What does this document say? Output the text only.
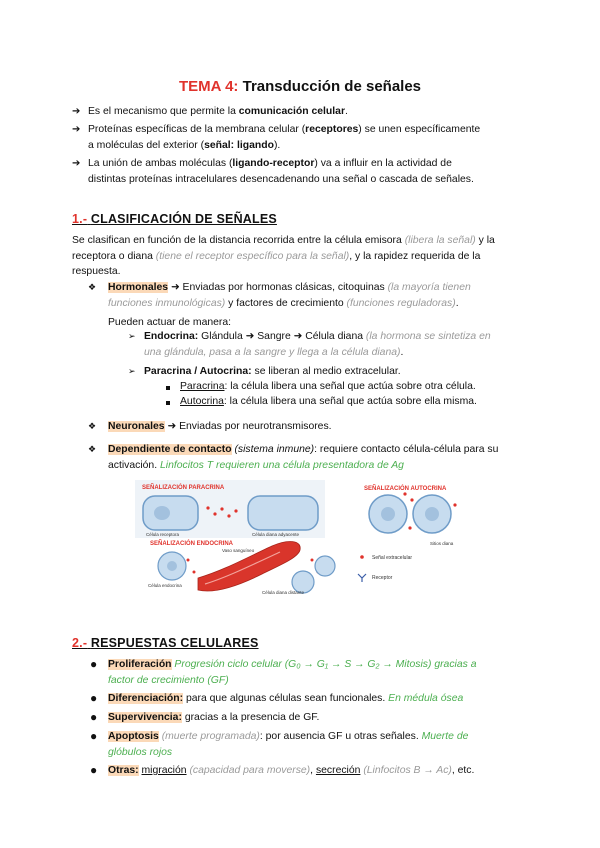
TEMA 4: Transducción de señales
➔ Es el mecanismo que permite la comunicación celular.
➔ Proteínas específicas de la membrana celular (receptores) se unen específicamente
a moléculas del exterior (señal: ligando).
➔ La unión de ambas moléculas (ligando-receptor) va a influir en la actividad de
distintas proteínas intracelulares desencadenando una señal o cascada de señales.
1.- CLASIFICACIÓN DE SEÑALES
Se clasifican en función de la distancia recorrida entre la célula emisora (libera la señal) y la
receptora o diana (tiene el receptor específico para la señal), y la rapidez requerida de la
respuesta.
❖ Hormonales ➜ Enviadas por hormonas clásicas, citoquinas (la mayoría tienen
funciones inmunológicas) y factores de crecimiento (funciones reguladoras).
Pueden actuar de manera:
➢ Endocrina: Glándula ➜ Sangre ➜ Célula diana (la hormona se sintetiza en
una glándula, pasa a la sangre y llega a la célula diana).
➢ Paracrina / Autocrina: se liberan al medio extracelular.
Paracrina: la célula libera una señal que actúa sobre otra célula.
Autocrina: la célula libera una señal que actúa sobre ella misma.
❖ Neuronales ➜ Enviadas por neurotransmisores.
❖ Dependiente de contacto (sistema inmune): requiere contacto célula-célula para su
activación. Linfocitos T requieren una célula presentadora de Ag
SEÑALIZACIÓN PARACRINA
Célula receptora	Célula diana adyacente
SEÑALIZACIÓN AUTOCRINA
Sitios diana
SEÑALIZACIÓN ENDOCRINA
Vaso sanguíneo
Célula endocrina
Célula diana distante
Señal extracelular
Receptor
2.- RESPUESTAS CELULARES
● Proliferación Progresión ciclo celular (G₀ → G₁ → S → G₂ → Mitosis) gracias a
factor de crecimiento (GF)
● Diferenciación: para que algunas células sean funcionales. En médula ósea
● Supervivencia: gracias a la presencia de GF.
● Apoptosis (muerte programada): por ausencia GF u otras señales. Muerte de
glóbulos rojos
● Otras: migración (capacidad para moverse), secreción (Linfocitos B → Ac), etc.
